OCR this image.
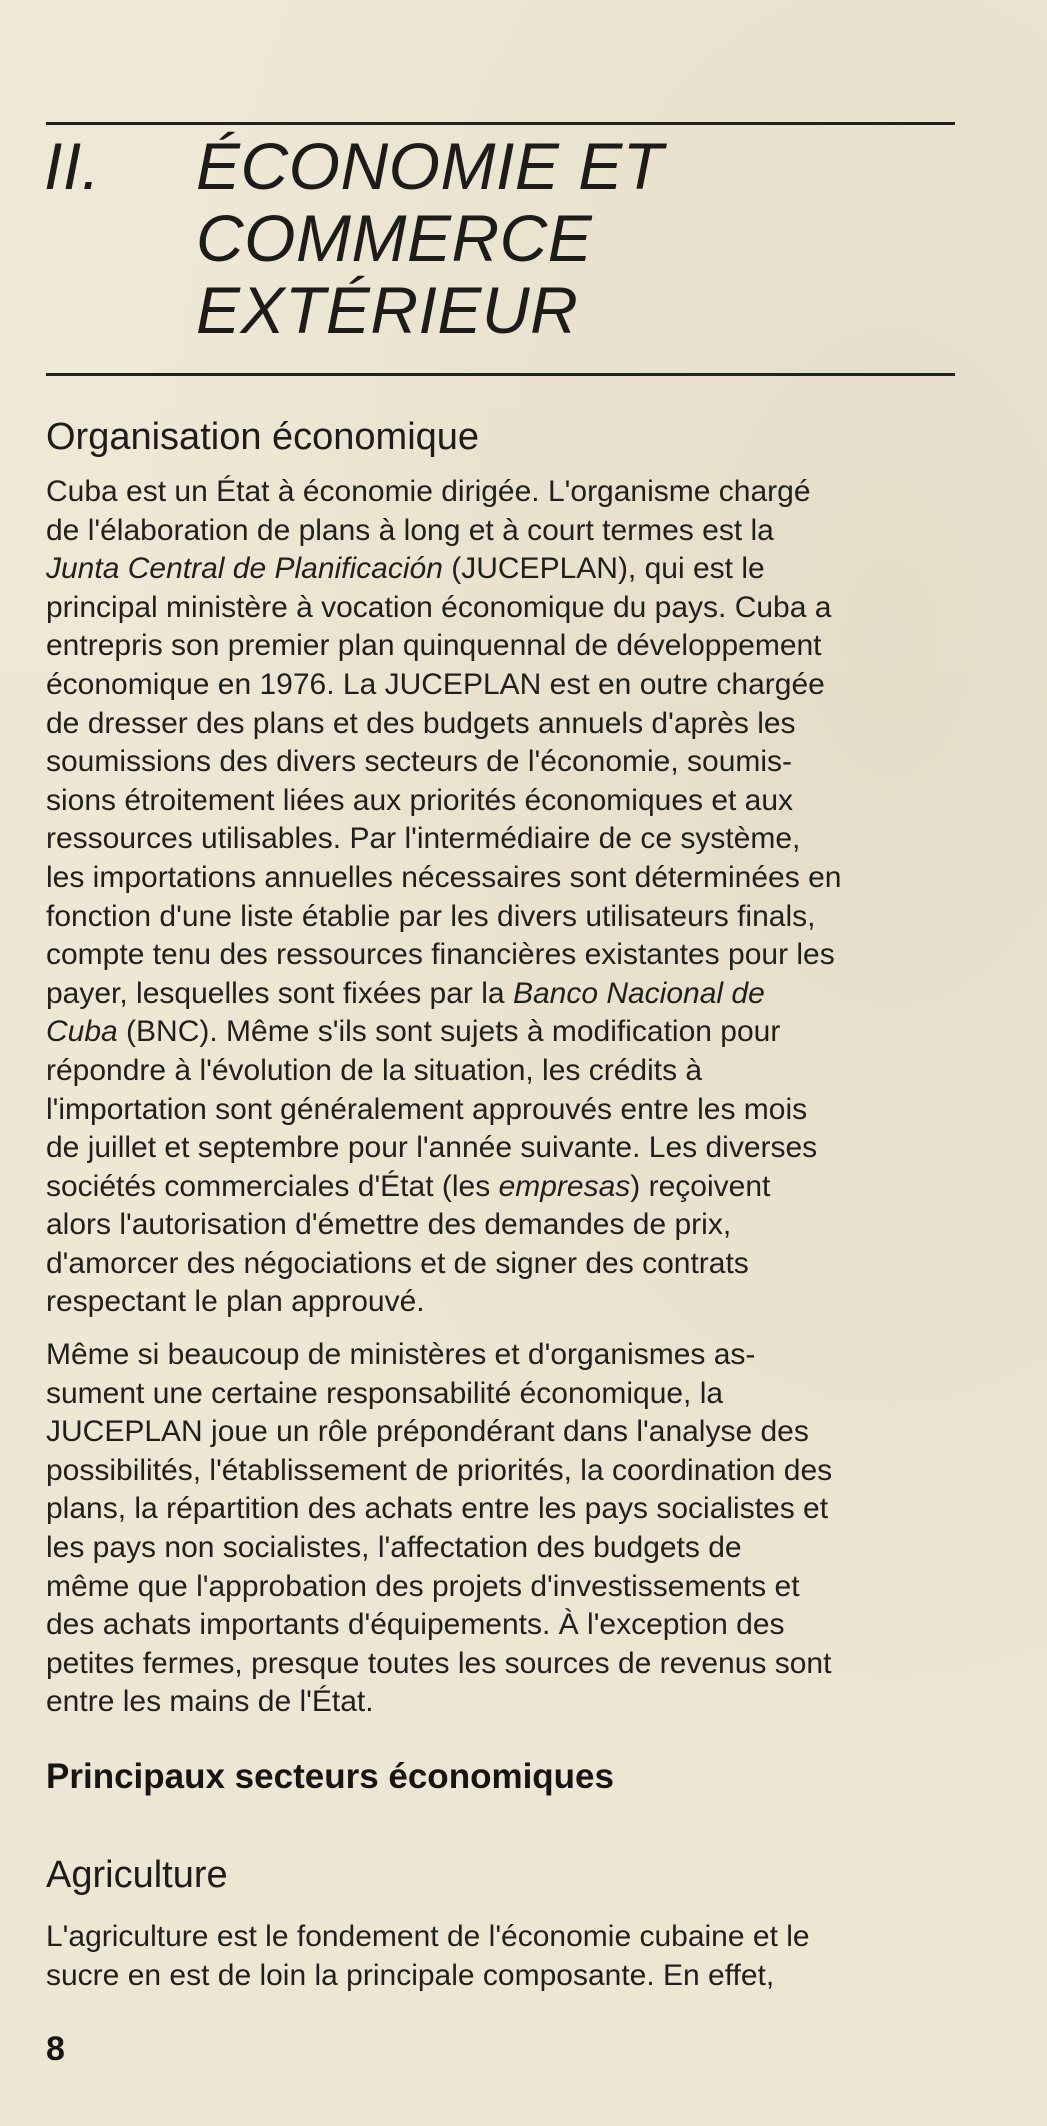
II. ÉCONOMIE ET
COMMERCE
EXTÉRIEUR
Organisation économique
Cuba est un État à économie dirigée. L'organisme chargé
de l'élaboration de plans à long et à court termes est la
Junta Central de Planificación (JUCEPLAN), qui est le
principal ministère à vocation économique du pays. Cuba a
entrepris son premier plan quinquennal de développement
économique en 1976. La JUCEPLAN est en outre chargée
de dresser des plans et des budgets annuels d'après les
soumissions des divers secteurs de l'économie, soumis-
sions étroitement liées aux priorités économiques et aux
ressources utilisables. Par l'intermédiaire de ce système,
les importations annuelles nécessaires sont déterminées en
fonction d'une liste établie par les divers utilisateurs finals,
compte tenu des ressources financières existantes pour les
payer, lesquelles sont fixées par la Banco Nacional de
Cuba (BNC). Même s'ils sont sujets à modification pour
répondre à l'évolution de la situation, les crédits à
l'importation sont généralement approuvés entre les mois
de juillet et septembre pour l'année suivante. Les diverses
sociétés commerciales d'État (les empresas) reçoivent
alors l'autorisation d'émettre des demandes de prix,
d'amorcer des négociations et de signer des contrats
respectant le plan approuvé.
Même si beaucoup de ministères et d'organismes as-
sument une certaine responsabilité économique, la
JUCEPLAN joue un rôle prépondérant dans l'analyse des
possibilités, l'établissement de priorités, la coordination des
plans, la répartition des achats entre les pays socialistes et
les pays non socialistes, l'affectation des budgets de
même que l'approbation des projets d'investissements et
des achats importants d'équipements. À l'exception des
petites fermes, presque toutes les sources de revenus sont
entre les mains de l'État.
Principaux secteurs économiques
Agriculture
L'agriculture est le fondement de l'économie cubaine et le
sucre en est de loin la principale composante. En effet,
8
